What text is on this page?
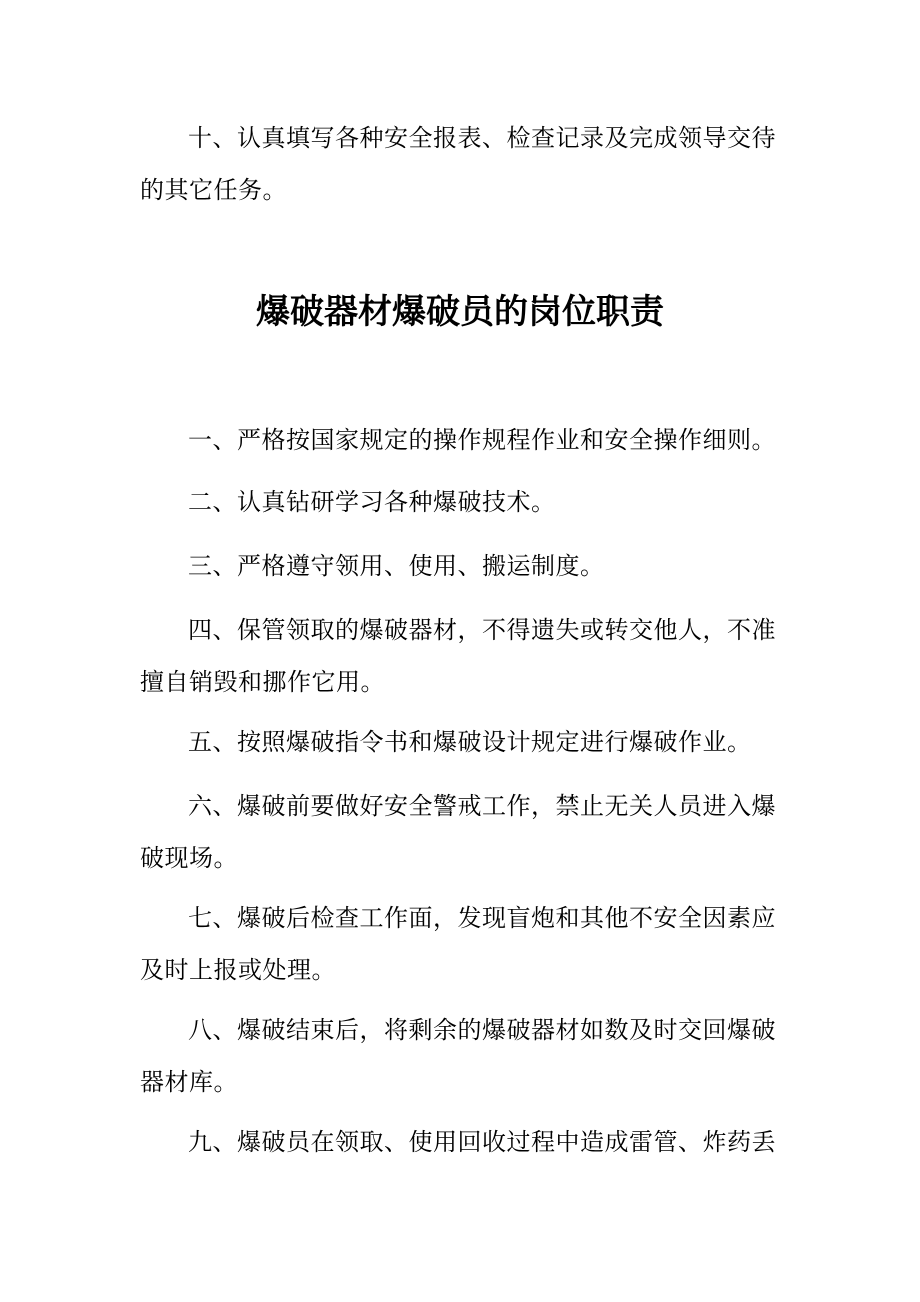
十、认真填写各种安全报表、检查记录及完成领导交待的其它任务。

爆破器材爆破员的岗位职责

一、严格按国家规定的操作规程作业和安全操作细则。

二、认真钻研学习各种爆破技术。

三、严格遵守领用、使用、搬运制度。

四、保管领取的爆破器材，不得遗失或转交他人，不准擅自销毁和挪作它用。

五、按照爆破指令书和爆破设计规定进行爆破作业。

六、爆破前要做好安全警戒工作，禁止无关人员进入爆破现场。

七、爆破后检查工作面，发现盲炮和其他不安全因素应及时上报或处理。

八、爆破结束后，将剩余的爆破器材如数及时交回爆破器材库。

九、爆破员在领取、使用回收过程中造成雷管、炸药丢
